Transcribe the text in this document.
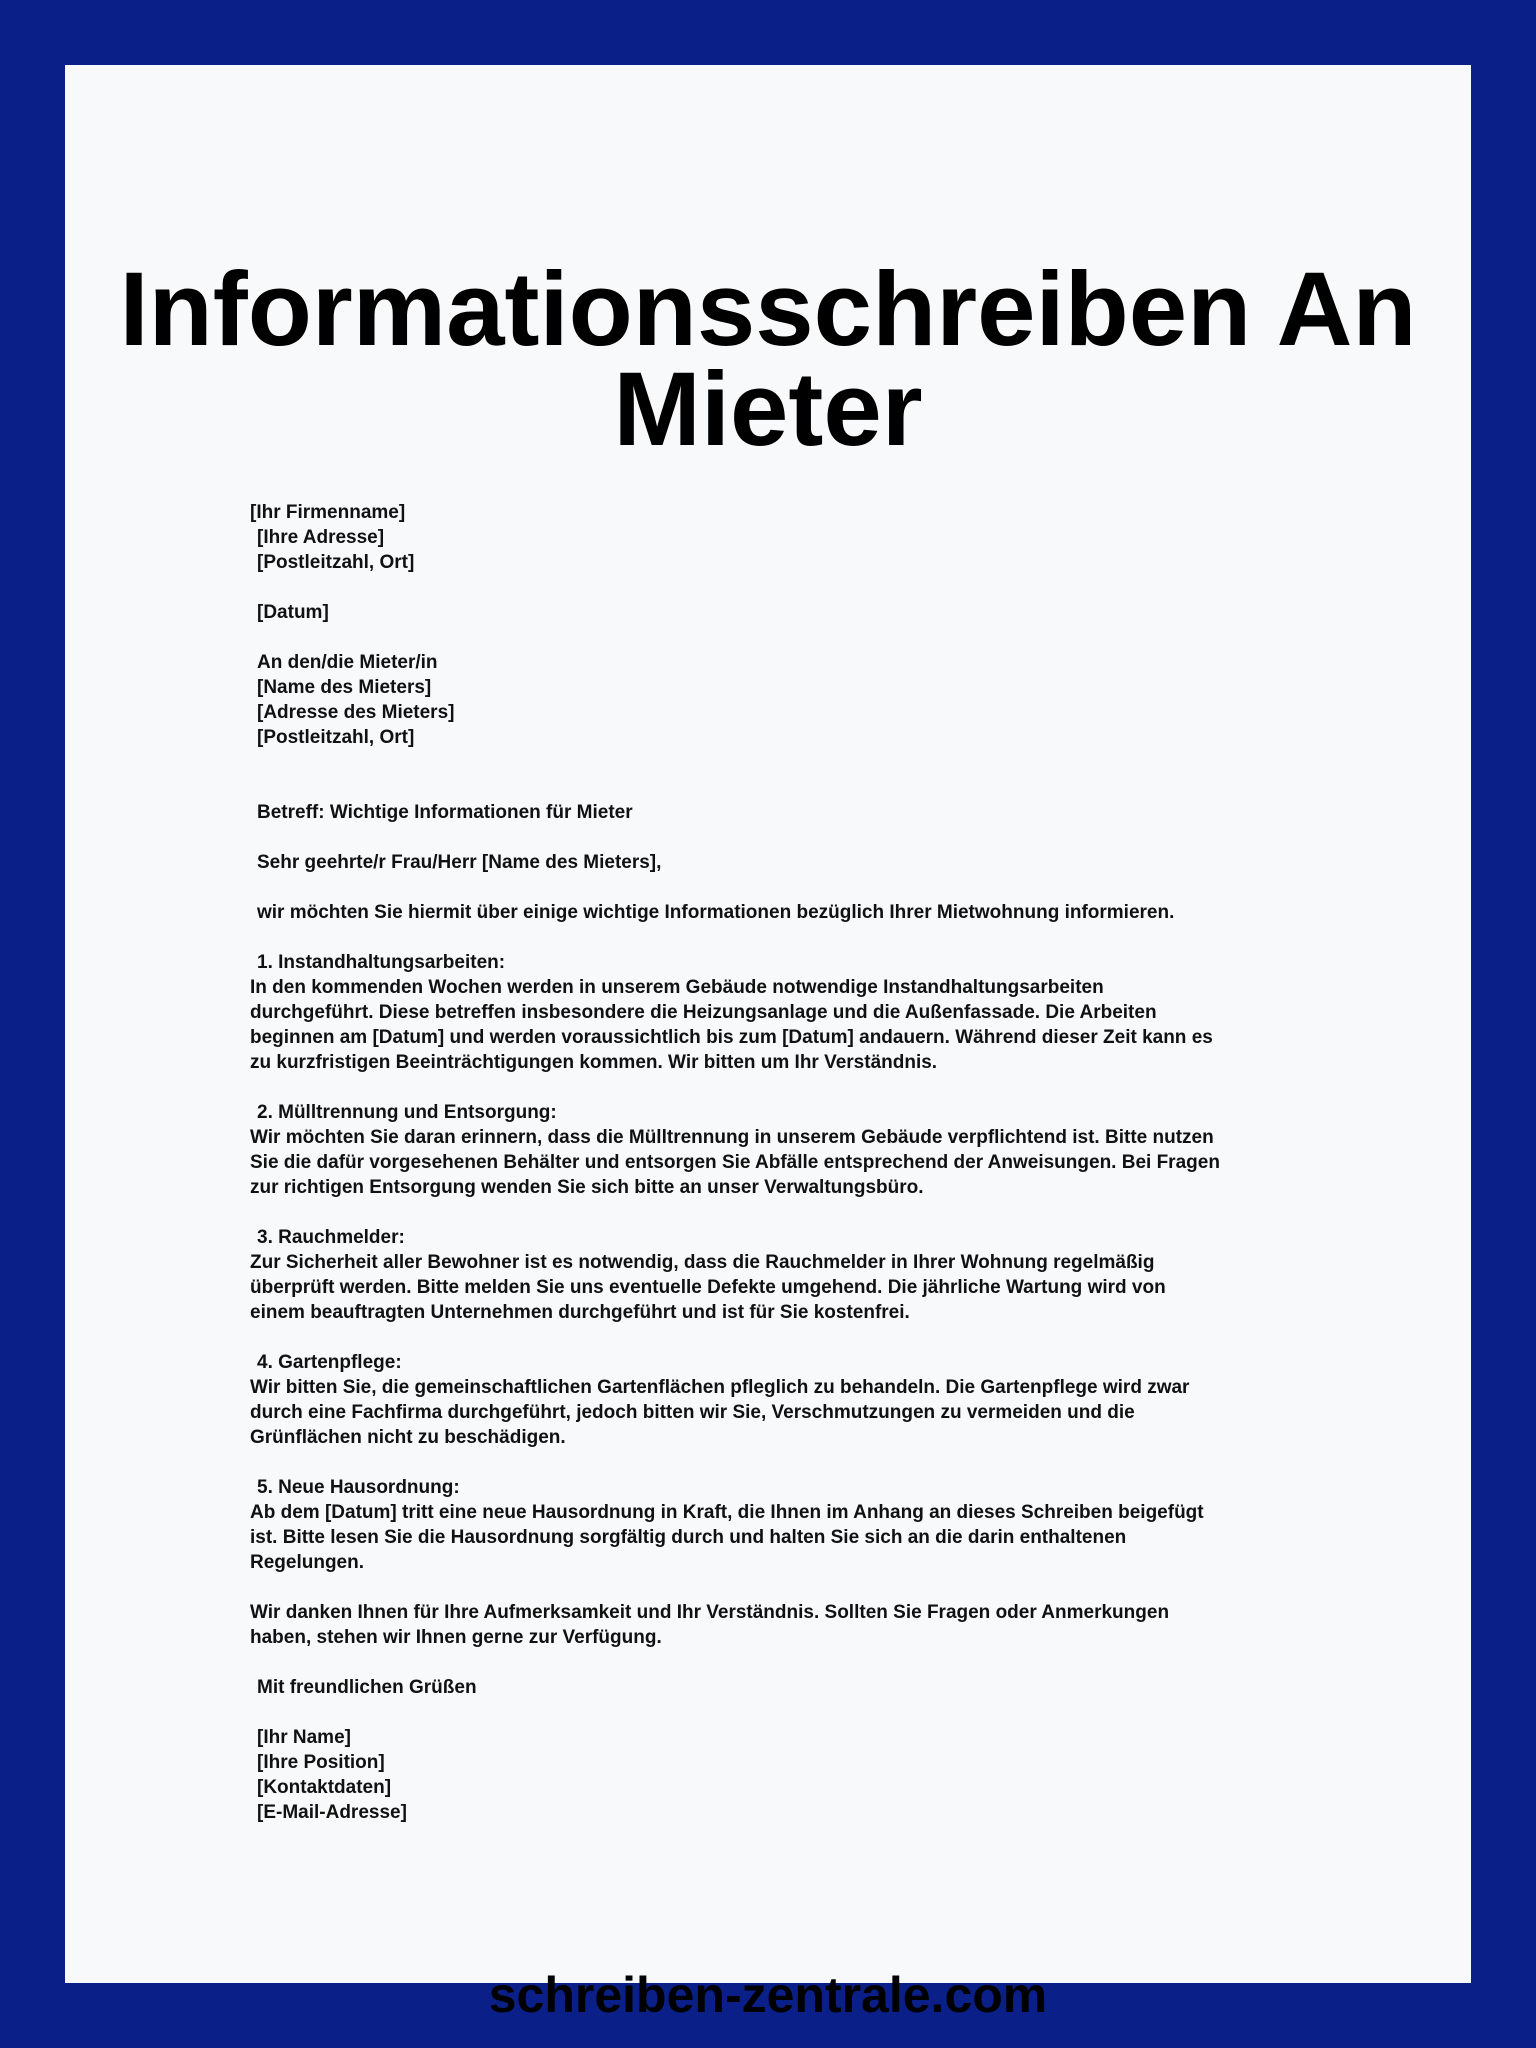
Informationsschreiben An Mieter
[Ihr Firmenname]
[Ihre Adresse]
[Postleitzahl, Ort]
[Datum]
An den/die Mieter/in
[Name des Mieters]
[Adresse des Mieters]
[Postleitzahl, Ort]
Betreff: Wichtige Informationen für Mieter
Sehr geehrte/r Frau/Herr [Name des Mieters],
wir möchten Sie hiermit über einige wichtige Informationen bezüglich Ihrer Mietwohnung informieren.
1. Instandhaltungsarbeiten:
In den kommenden Wochen werden in unserem Gebäude notwendige Instandhaltungsarbeiten
durchgeführt. Diese betreffen insbesondere die Heizungsanlage und die Außenfassade. Die Arbeiten
beginnen am [Datum] und werden voraussichtlich bis zum [Datum] andauern. Während dieser Zeit kann es
zu kurzfristigen Beeinträchtigungen kommen. Wir bitten um Ihr Verständnis.
2. Mülltrennung und Entsorgung:
Wir möchten Sie daran erinnern, dass die Mülltrennung in unserem Gebäude verpflichtend ist. Bitte nutzen
Sie die dafür vorgesehenen Behälter und entsorgen Sie Abfälle entsprechend der Anweisungen. Bei Fragen
zur richtigen Entsorgung wenden Sie sich bitte an unser Verwaltungsbüro.
3. Rauchmelder:
Zur Sicherheit aller Bewohner ist es notwendig, dass die Rauchmelder in Ihrer Wohnung regelmäßig
überprüft werden. Bitte melden Sie uns eventuelle Defekte umgehend. Die jährliche Wartung wird von
einem beauftragten Unternehmen durchgeführt und ist für Sie kostenfrei.
4. Gartenpflege:
Wir bitten Sie, die gemeinschaftlichen Gartenflächen pfleglich zu behandeln. Die Gartenpflege wird zwar
durch eine Fachfirma durchgeführt, jedoch bitten wir Sie, Verschmutzungen zu vermeiden und die
Grünflächen nicht zu beschädigen.
5. Neue Hausordnung:
Ab dem [Datum] tritt eine neue Hausordnung in Kraft, die Ihnen im Anhang an dieses Schreiben beigefügt
ist. Bitte lesen Sie die Hausordnung sorgfältig durch und halten Sie sich an die darin enthaltenen
Regelungen.
Wir danken Ihnen für Ihre Aufmerksamkeit und Ihr Verständnis. Sollten Sie Fragen oder Anmerkungen
haben, stehen wir Ihnen gerne zur Verfügung.
Mit freundlichen Grüßen
[Ihr Name]
[Ihre Position]
[Kontaktdaten]
[E-Mail-Adresse]
schreiben-zentrale.com
